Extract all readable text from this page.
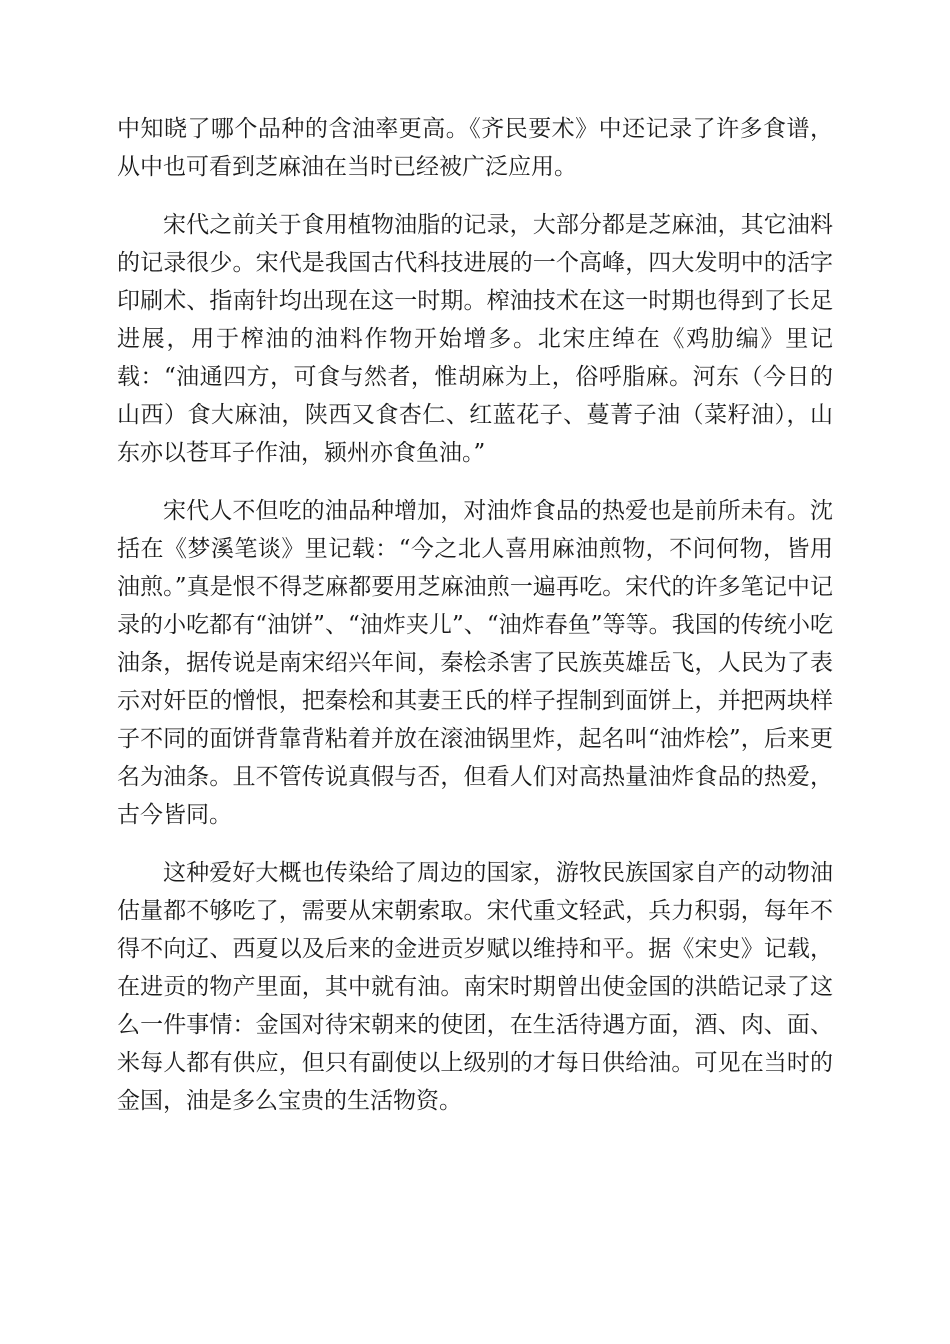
中知晓了哪个品种的含油率更高。《齐民要术》中还记录了许多食谱，从中也可看到芝麻油在当时已经被广泛应用。

宋代之前关于食用植物油脂的记录，大部分都是芝麻油，其它油料的记录很少。宋代是我国古代科技进展的一个高峰，四大发明中的活字印刷术、指南针均出现在这一时期。榨油技术在这一时期也得到了长足进展，用于榨油的油料作物开始增多。北宋庄绰在《鸡肋编》里记载：“油通四方，可食与然者，惟胡麻为上，俗呼脂麻。河东（今日的山西）食大麻油，陕西又食杏仁、红蓝花子、蔓菁子油（菜籽油），山东亦以苍耳子作油，颍州亦食鱼油。”

宋代人不但吃的油品种增加，对油炸食品的热爱也是前所未有。沈括在《梦溪笔谈》里记载：“今之北人喜用麻油煎物，不问何物，皆用油煎。”真是恨不得芝麻都要用芝麻油煎一遍再吃。宋代的许多笔记中记录的小吃都有“油饼”、“油炸夹儿”、“油炸春鱼”等等。我国的传统小吃油条，据传说是南宋绍兴年间，秦桧杀害了民族英雄岳飞，人民为了表示对奸臣的憎恨，把秦桧和其妻王氏的样子捏制到面饼上，并把两块样子不同的面饼背靠背粘着并放在滚油锅里炸，起名叫“油炸桧”，后来更名为油条。且不管传说真假与否，但看人们对高热量油炸食品的热爱，古今皆同。

这种爱好大概也传染给了周边的国家，游牧民族国家自产的动物油估量都不够吃了，需要从宋朝索取。宋代重文轻武，兵力积弱，每年不得不向辽、西夏以及后来的金进贡岁赋以维持和平。据《宋史》记载，在进贡的物产里面，其中就有油。南宋时期曾出使金国的洪皓记录了这么一件事情：金国对待宋朝来的使团，在生活待遇方面，酒、肉、面、米每人都有供应，但只有副使以上级别的才每日供给油。可见在当时的金国，油是多么宝贵的生活物资。
